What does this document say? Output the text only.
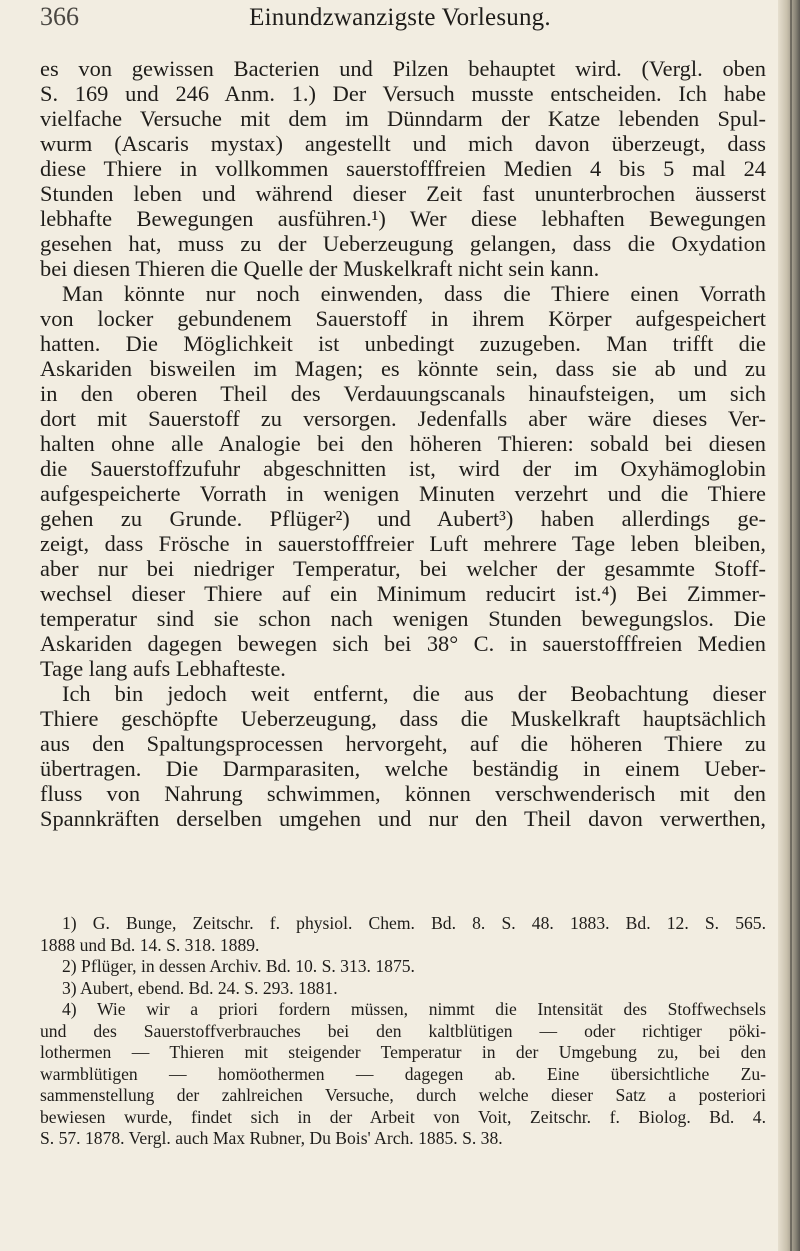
366	Einundzwanzigste Vorlesung.
es von gewissen Bacterien und Pilzen behauptet wird. (Vergl. oben
S. 169 und 246 Anm. 1.) Der Versuch musste entscheiden. Ich habe
vielfache Versuche mit dem im Dünndarm der Katze lebenden Spul-
wurm (Ascaris mystax) angestellt und mich davon überzeugt, dass
diese Thiere in vollkommen sauerstofffreien Medien 4 bis 5 mal 24
Stunden leben und während dieser Zeit fast ununterbrochen äusserst
lebhafte Bewegungen ausführen.¹) Wer diese lebhaften Bewegungen
gesehen hat, muss zu der Ueberzeugung gelangen, dass die Oxydation
bei diesen Thieren die Quelle der Muskelkraft nicht sein kann.
Man könnte nur noch einwenden, dass die Thiere einen Vorrath
von locker gebundenem Sauerstoff in ihrem Körper aufgespeichert
hatten. Die Möglichkeit ist unbedingt zuzugeben. Man trifft die
Askariden bisweilen im Magen; es könnte sein, dass sie ab und zu
in den oberen Theil des Verdauungscanals hinaufsteigen, um sich
dort mit Sauerstoff zu versorgen. Jedenfalls aber wäre dieses Ver-
halten ohne alle Analogie bei den höheren Thieren: sobald bei diesen
die Sauerstoffzufuhr abgeschnitten ist, wird der im Oxyhämoglobin
aufgespeicherte Vorrath in wenigen Minuten verzehrt und die Thiere
gehen zu Grunde. Pflüger²) und Aubert³) haben allerdings ge-
zeigt, dass Frösche in sauerstofffreier Luft mehrere Tage leben bleiben,
aber nur bei niedriger Temperatur, bei welcher der gesammte Stoff-
wechsel dieser Thiere auf ein Minimum reducirt ist.⁴) Bei Zimmer-
temperatur sind sie schon nach wenigen Stunden bewegungslos. Die
Askariden dagegen bewegen sich bei 38° C. in sauerstofffreien Medien
Tage lang aufs Lebhafteste.
Ich bin jedoch weit entfernt, die aus der Beobachtung dieser
Thiere geschöpfte Ueberzeugung, dass die Muskelkraft hauptsächlich
aus den Spaltungsprocessen hervorgeht, auf die höheren Thiere zu
übertragen. Die Darmparasiten, welche beständig in einem Ueber-
fluss von Nahrung schwimmen, können verschwenderisch mit den
Spannkräften derselben umgehen und nur den Theil davon verwerthen,
1) G. Bunge, Zeitschr. f. physiol. Chem. Bd. 8. S. 48. 1883. Bd. 12. S. 565.
1888 und Bd. 14. S. 318. 1889.
2) Pflüger, in dessen Archiv. Bd. 10. S. 313. 1875.
3) Aubert, ebend. Bd. 24. S. 293. 1881.
4) Wie wir a priori fordern müssen, nimmt die Intensität des Stoffwechsels
und des Sauerstoffverbrauches bei den kaltblütigen — oder richtiger pöki-
lothermen — Thieren mit steigender Temperatur in der Umgebung zu, bei den
warmblütigen — homöothermen — dagegen ab. Eine übersichtliche Zu-
sammenstellung der zahlreichen Versuche, durch welche dieser Satz a posteriori
bewiesen wurde, findet sich in der Arbeit von Voit, Zeitschr. f. Biolog. Bd. 4.
S. 57. 1878. Vergl. auch Max Rubner, Du Bois' Arch. 1885. S. 38.
